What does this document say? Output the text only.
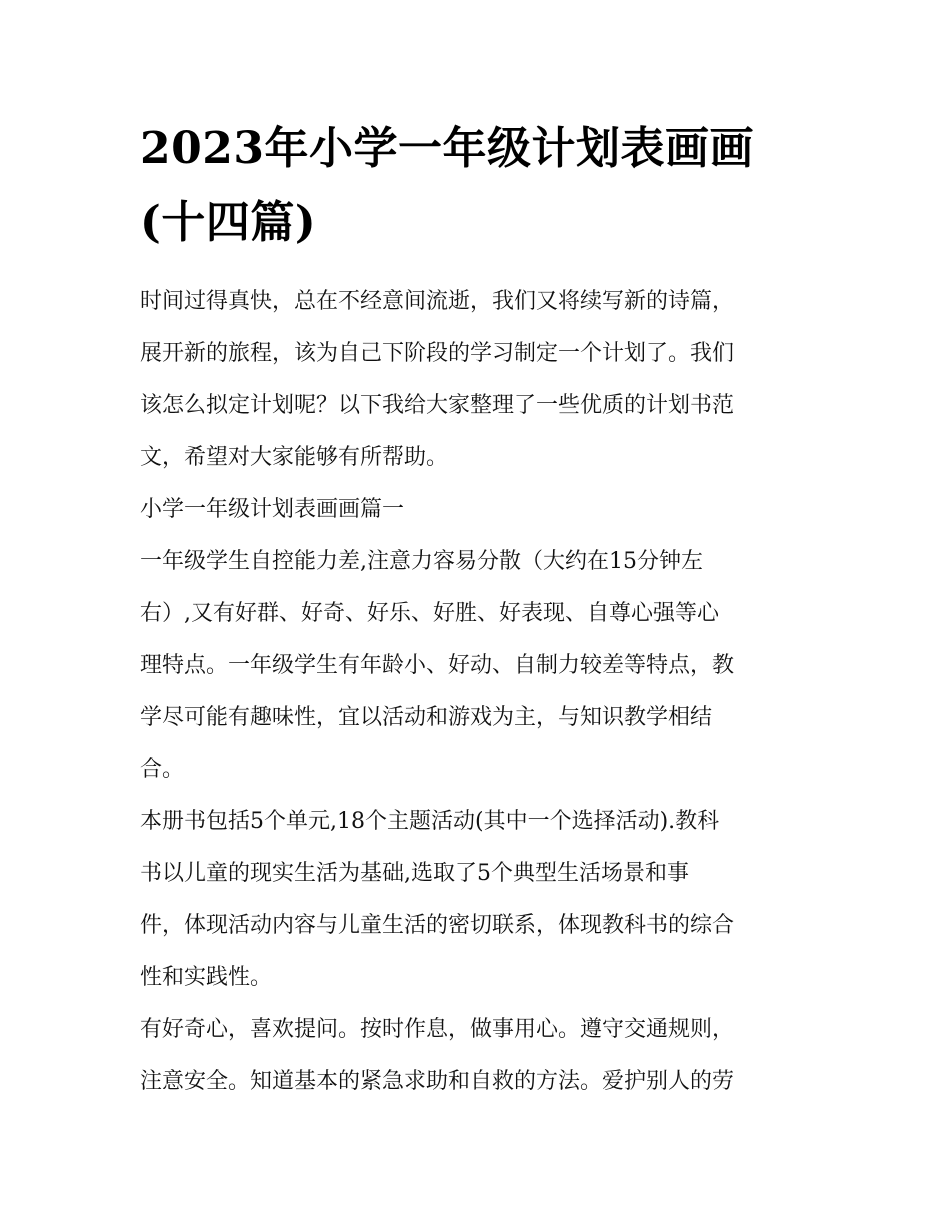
2023年小学一年级计划表画画
(十四篇)

时间过得真快，总在不经意间流逝，我们又将续写新的诗篇，
展开新的旅程，该为自己下阶段的学习制定一个计划了。我们
该怎么拟定计划呢？以下我给大家整理了一些优质的计划书范
文，希望对大家能够有所帮助。

小学一年级计划表画画篇一

一年级学生自控能力差,注意力容易分散（大约在15分钟左
右）,又有好群、好奇、好乐、好胜、好表现、自尊心强等心
理特点。一年级学生有年龄小、好动、自制力较差等特点，教
学尽可能有趣味性，宜以活动和游戏为主，与知识教学相结
合。

本册书包括5个单元,18个主题活动(其中一个选择活动).教科
书以儿童的现实生活为基础,选取了5个典型生活场景和事
件，体现活动内容与儿童生活的密切联系，体现教科书的综合
性和实践性。

有好奇心，喜欢提问。按时作息，做事用心。遵守交通规则，
注意安全。知道基本的紧急求助和自救的方法。爱护别人的劳
